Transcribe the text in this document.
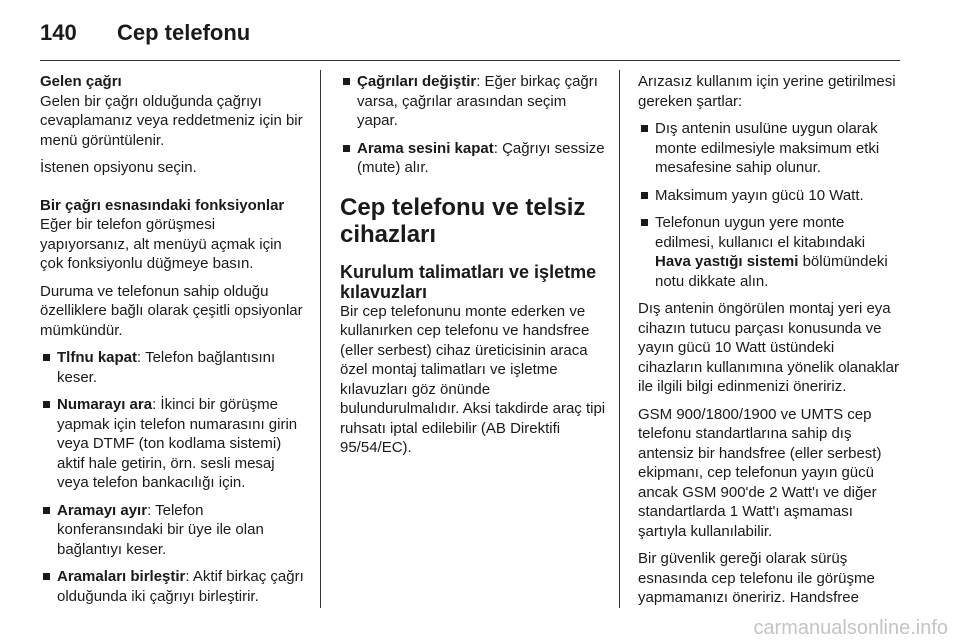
140 Cep telefonu
Gelen çağrı

Gelen bir çağrı olduğunda çağrıyı cevaplamanız veya reddetmeniz için bir menü görüntülenir.

İstenen opsiyonu seçin.

Bir çağrı esnasındaki fonksiyonlar

Eğer bir telefon görüşmesi yapıyorsanız, alt menüyü açmak için çok fonksiyonlu düğmeye basın.

Duruma ve telefonun sahip olduğu özelliklere bağlı olarak çeşitli opsiyonlar mümkündür.

Tlfnu kapat: Telefon bağlantısını keser.
Numarayı ara: İkinci bir görüşme yapmak için telefon numarasını girin veya DTMF (ton kodlama sistemi) aktif hale getirin, örn. sesli mesaj veya telefon bankacılığı için.
Aramayı ayır: Telefon konferansındaki bir üye ile olan bağlantıyı keser.
Aramaları birleştir: Aktif birkaç çağrı olduğunda iki çağrıyı birleştirir.
Çağrıları değiştir: Eğer birkaç çağrı varsa, çağrılar arasından seçim yapar.
Arama sesini kapat: Çağrıyı sessize (mute) alır.
Cep telefonu ve telsiz cihazları
Kurulum talimatları ve işletme kılavuzları

Bir cep telefonunu monte ederken ve kullanırken cep telefonu ve handsfree (eller serbest) cihaz üreticisinin araca özel montaj talimatları ve işletme kılavuzları göz önünde bulundurulmalıdır. Aksi takdirde araç tipi ruhsatı iptal edilebilir (AB Direktifi 95/54/EC).

Arızasız kullanım için yerine getirilmesi gereken şartlar:

Dış antenin usulüne uygun olarak monte edilmesiyle maksimum etki mesafesine sahip olunur.
Maksimum yayın gücü 10 Watt.
Telefonun uygun yere monte edilmesi, kullanıcı el kitabındaki Hava yastığı sistemi bölümündeki notu dikkate alın.

Dış antenin öngörülen montaj yeri eya cihazın tutucu parçası konusunda ve yayın gücü 10 Watt üstündeki cihazların kullanımına yönelik olanaklar ile ilgili bilgi edinmenizi öneririz.

GSM 900/1800/1900 ve UMTS cep telefonu standartlarına sahip dış antensiz bir handsfree (eller serbest) ekipmanı, cep telefonun yayın gücü ancak GSM 900'de 2 Watt'ı ve diğer standartlarda 1 Watt'ı aşmaması şartıyla kullanılabilir.

Bir güvenlik gereği olarak sürüş esnasında cep telefonu ile görüşme yapmamanızı öneririz. Handsfree

carmanualsonline.info
